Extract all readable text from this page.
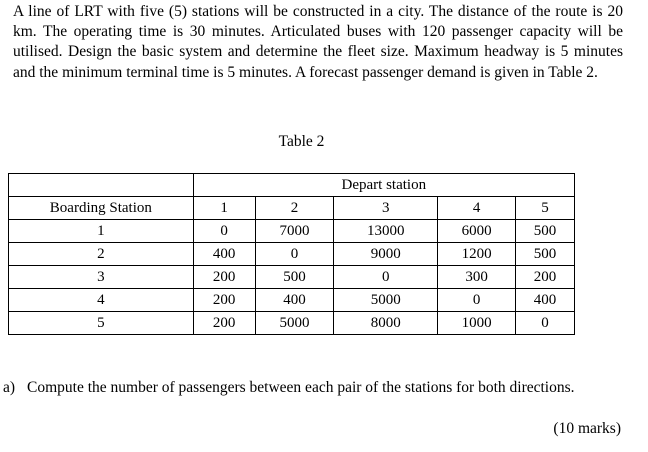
A line of LRT with five (5) stations will be constructed in a city. The distance of the route is 20 km. The operating time is 30 minutes. Articulated buses with 120 passenger capacity will be utilised. Design the basic system and determine the fleet size. Maximum headway is 5 minutes and the minimum terminal time is 5 minutes. A forecast passenger demand is given in Table 2.

Table 2
	Depart station				
Boarding Station	1	2	3	4	5
1	0	7000	13000	6000	500
2	400	0	9000	1200	500
3	200	500	0	300	200
4	200	400	5000	0	400
5	200	5000	8000	1000	0
a) Compute the number of passengers between each pair of the stations for both directions.
(10 marks)
